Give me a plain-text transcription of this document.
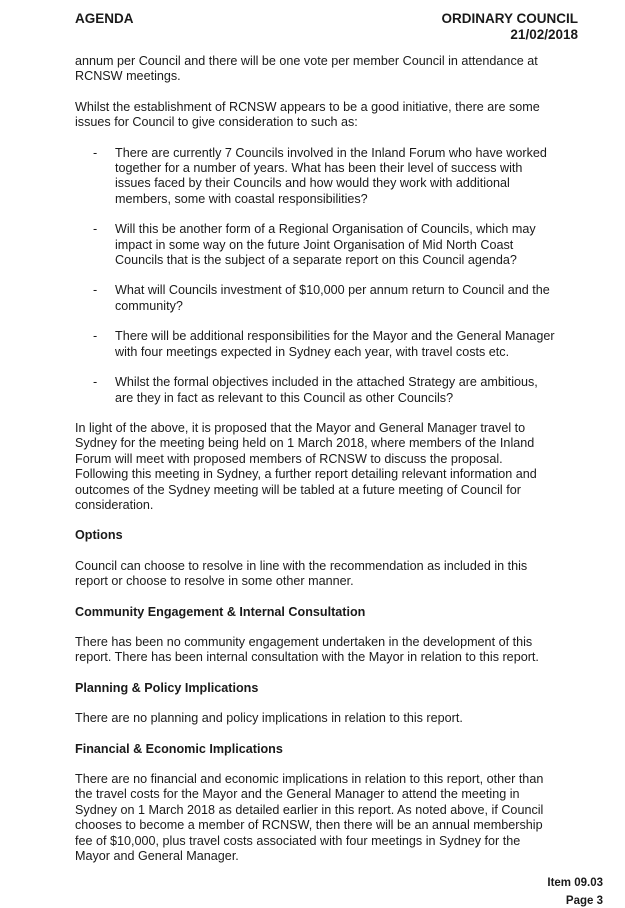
AGENDA	ORDINARY COUNCIL
21/02/2018

annum per Council and there will be one vote per member Council in attendance at RCNSW meetings.

Whilst the establishment of RCNSW appears to be a good initiative, there are some issues for Council to give consideration to such as:

- There are currently 7 Councils involved in the Inland Forum who have worked together for a number of years. What has been their level of success with issues faced by their Councils and how would they work with additional members, some with coastal responsibilities?
- Will this be another form of a Regional Organisation of Councils, which may impact in some way on the future Joint Organisation of Mid North Coast Councils that is the subject of a separate report on this Council agenda?
- What will Councils investment of $10,000 per annum return to Council and the community?
- There will be additional responsibilities for the Mayor and the General Manager with four meetings expected in Sydney each year, with travel costs etc.
- Whilst the formal objectives included in the attached Strategy are ambitious, are they in fact as relevant to this Council as other Councils?

In light of the above, it is proposed that the Mayor and General Manager travel to Sydney for the meeting being held on 1 March 2018, where members of the Inland Forum will meet with proposed members of RCNSW to discuss the proposal. Following this meeting in Sydney, a further report detailing relevant information and outcomes of the Sydney meeting will be tabled at a future meeting of Council for consideration.

Options

Council can choose to resolve in line with the recommendation as included in this report or choose to resolve in some other manner.

Community Engagement & Internal Consultation

There has been no community engagement undertaken in the development of this report. There has been internal consultation with the Mayor in relation to this report.

Planning & Policy Implications

There are no planning and policy implications in relation to this report.

Financial & Economic Implications

There are no financial and economic implications in relation to this report, other than the travel costs for the Mayor and the General Manager to attend the meeting in Sydney on 1 March 2018 as detailed earlier in this report. As noted above, if Council chooses to become a member of RCNSW, then there will be an annual membership fee of $10,000, plus travel costs associated with four meetings in Sydney for the Mayor and General Manager.

Item 09.03
Page 3
